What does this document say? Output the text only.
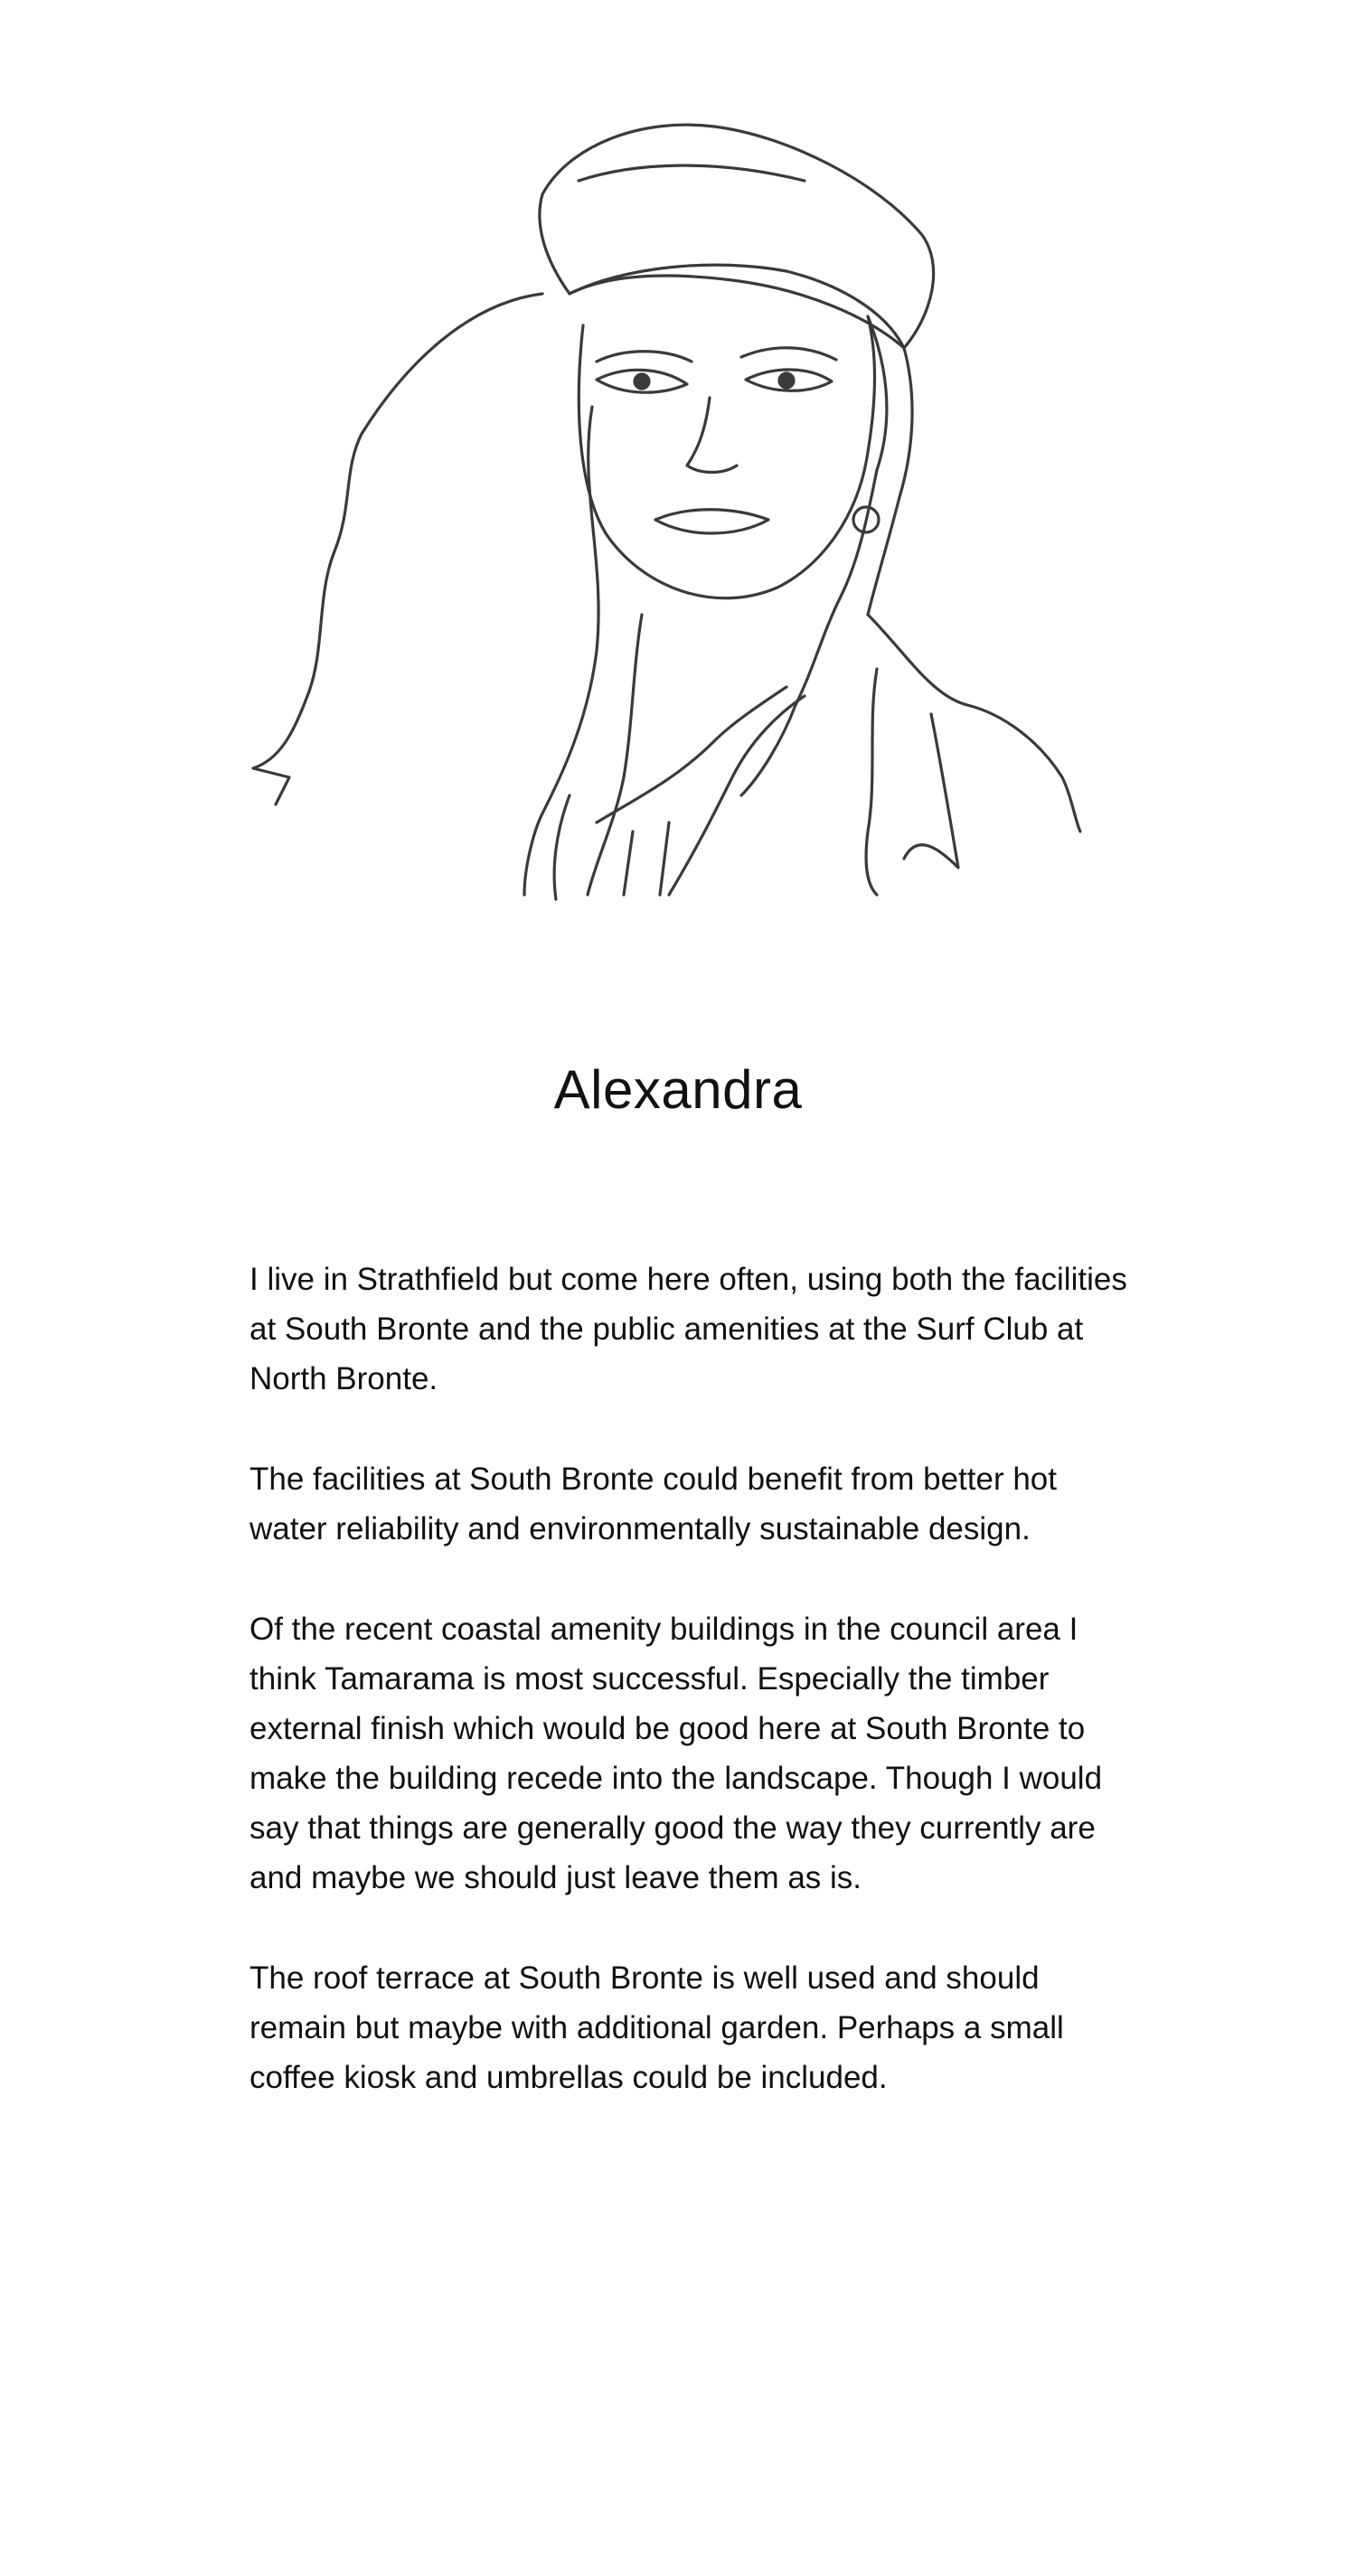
Alexandra

I live in Strathfield but come here often, using both the facilities at South Bronte and the public amenities at the Surf Club at North Bronte.

The facilities at South Bronte could benefit from better hot water reliability and environmentally sustainable design.

Of the recent coastal amenity buildings in the council area I think Tamarama is most successful. Especially the timber external finish which would be good here at South Bronte to make the building recede into the landscape. Though I would say that things are generally good the way they currently are and maybe we should just leave them as is.

The roof terrace at South Bronte is well used and should remain but maybe with additional garden. Perhaps a small coffee kiosk and umbrellas could be included.
